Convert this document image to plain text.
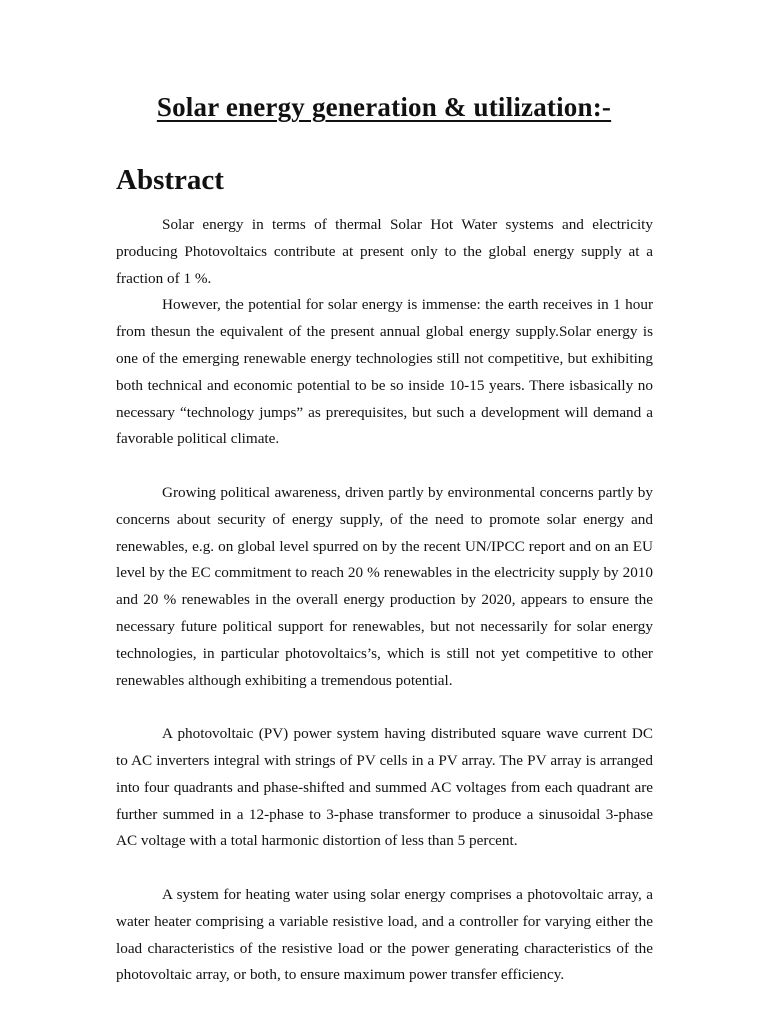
Solar energy generation & utilization:-
Abstract

Solar energy in terms of thermal Solar Hot Water systems and electricity producing Photovoltaics contribute at present only to the global energy supply at a fraction of 1 %.

However, the potential for solar energy is immense: the earth receives in 1 hour from thesun the equivalent of the present annual global energy supply.Solar energy is one of the emerging renewable energy technologies still not competitive, but exhibiting both technical and economic potential to be so inside 10-15 years. There isbasically no necessary “technology jumps” as prerequisites, but such a development will demand a favorable political climate.

Growing political awareness, driven partly by environmental concerns partly by concerns about security of energy supply, of the need to promote solar energy and renewables, e.g. on global level spurred on by the recent UN/IPCC report and on an EU level by the EC commitment to reach 20 % renewables in the electricity supply by 2010 and 20 % renewables in the overall energy production by 2020, appears to ensure the necessary future political support for renewables, but not necessarily for solar energy technologies, in particular photovoltaics’s, which is still not yet competitive to other renewables although exhibiting a tremendous potential.

A photovoltaic (PV) power system having distributed square wave current DC to AC inverters integral with strings of PV cells in a PV array. The PV array is arranged into four quadrants and phase-shifted and summed AC voltages from each quadrant are further summed in a 12-phase to 3-phase transformer to produce a sinusoidal 3-phase AC voltage with a total harmonic distortion of less than 5 percent.

A system for heating water using solar energy comprises a photovoltaic array, a water heater comprising a variable resistive load, and a controller for varying either the load characteristics of the resistive load or the power generating characteristics of the photovoltaic array, or both, to ensure maximum power transfer efficiency.
